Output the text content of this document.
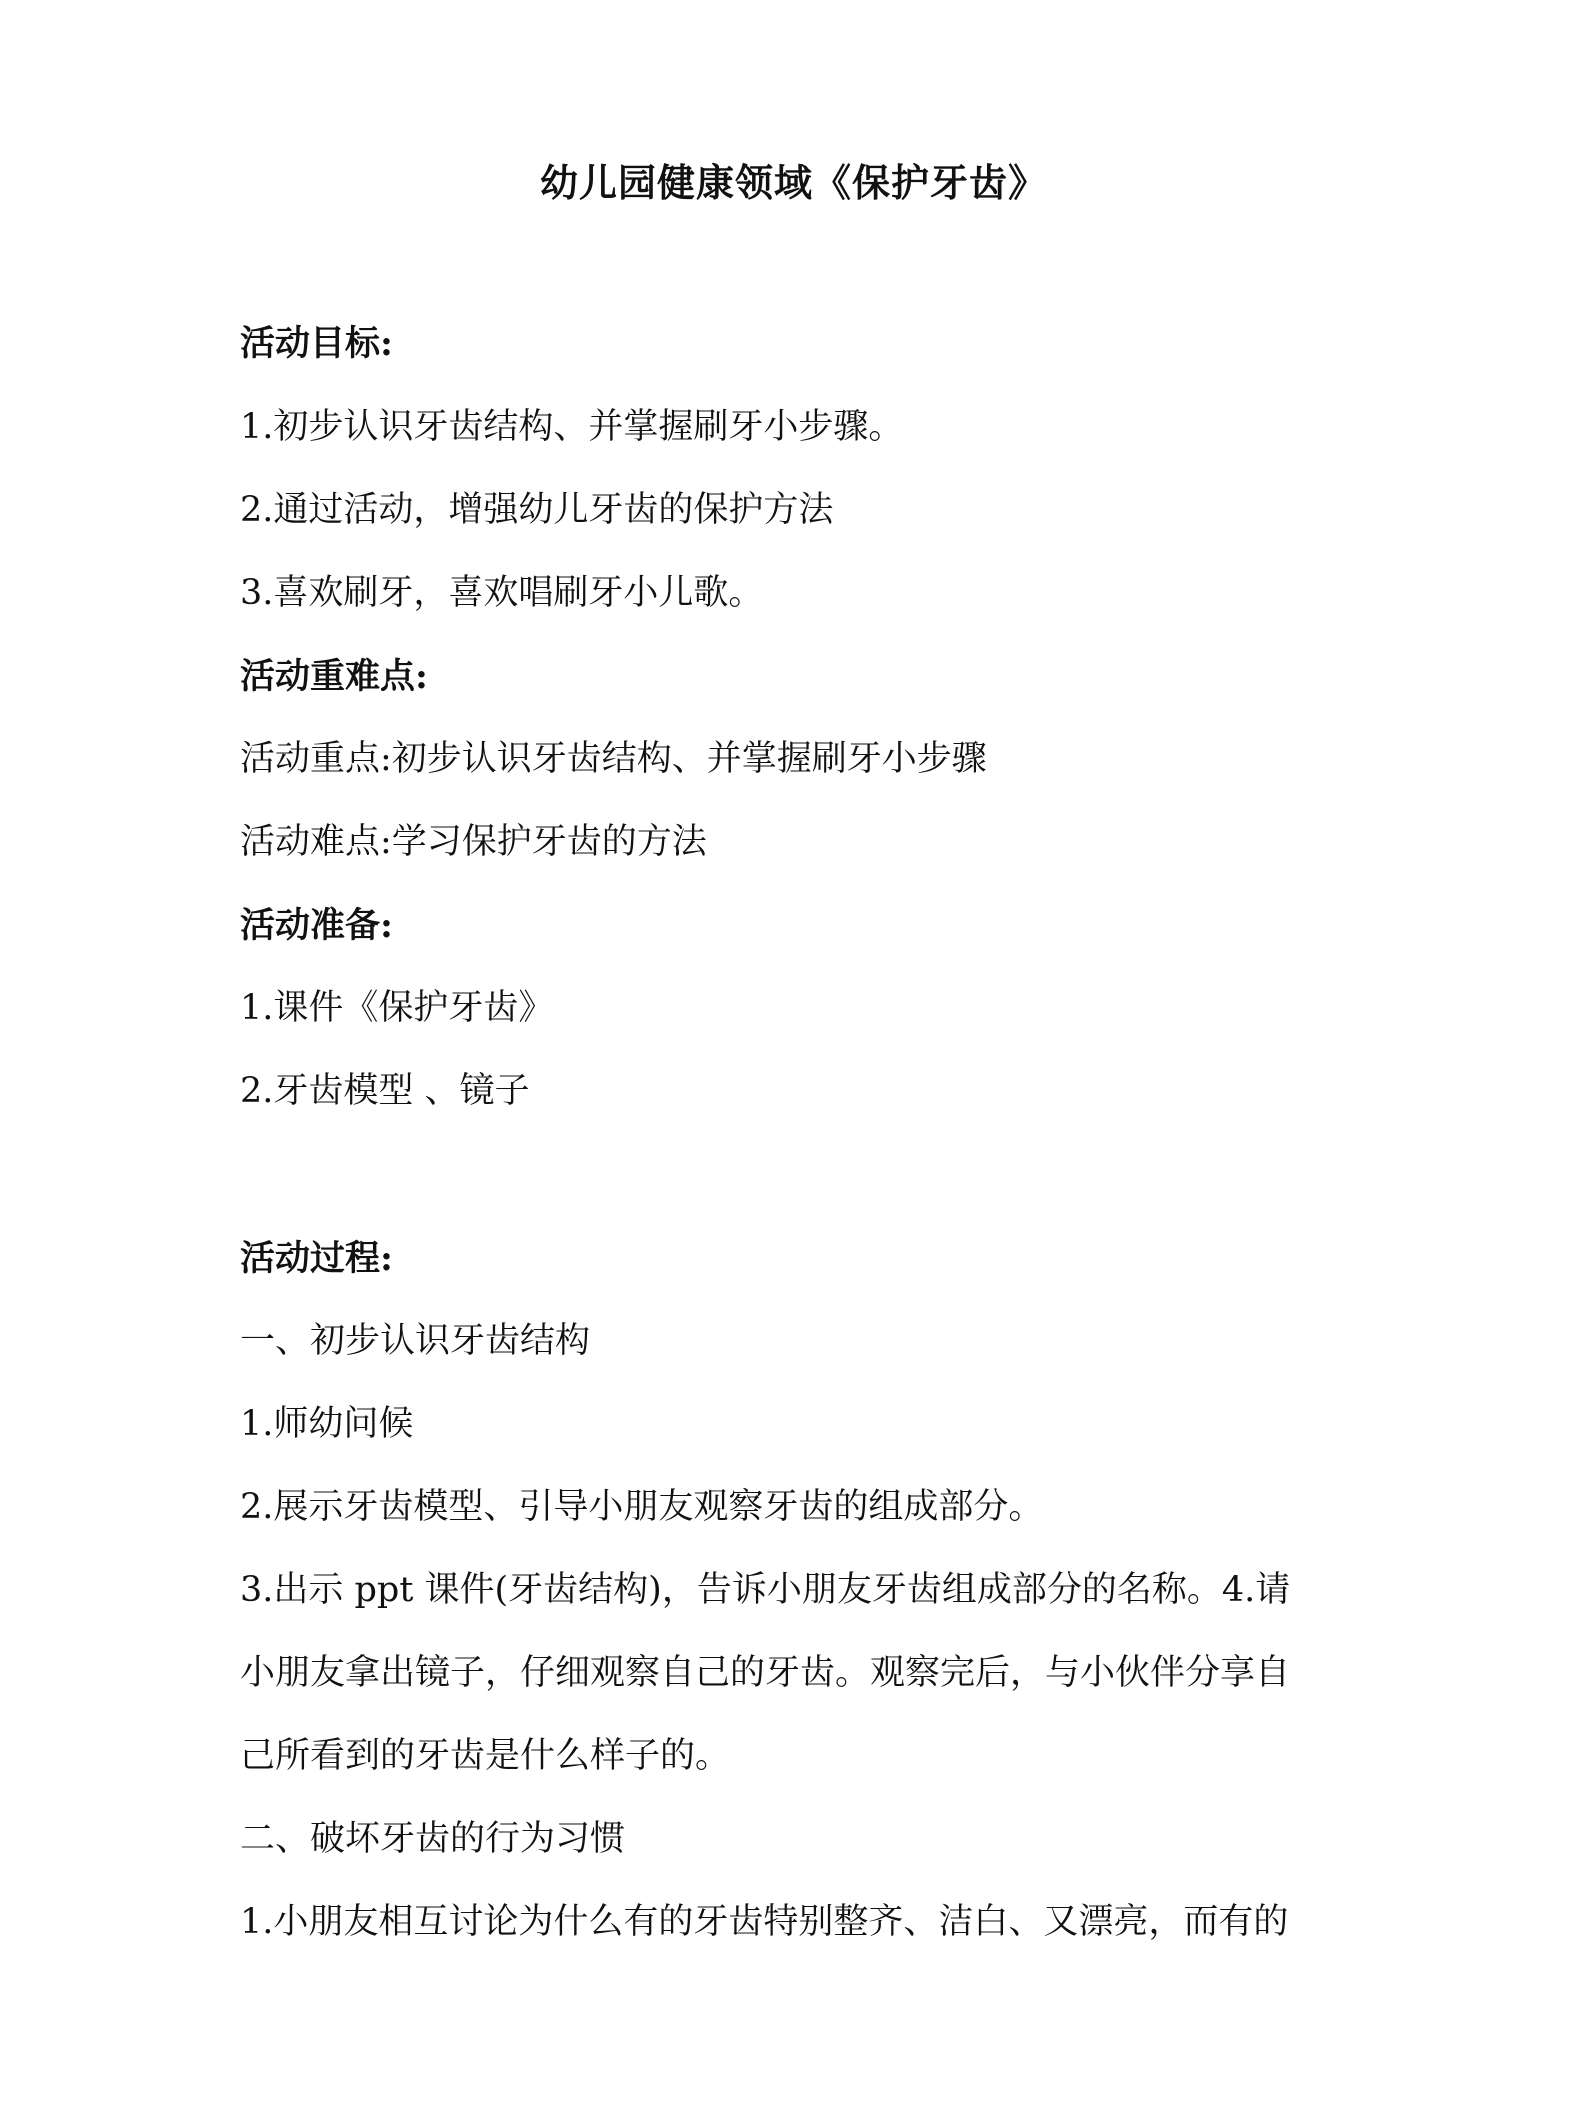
幼儿园健康领域《保护牙齿》
活动目标:
1.初步认识牙齿结构、并掌握刷牙小步骤。
2.通过活动，增强幼儿牙齿的保护方法
3.喜欢刷牙，喜欢唱刷牙小儿歌。
活动重难点:
活动重点:初步认识牙齿结构、并掌握刷牙小步骤
活动难点:学习保护牙齿的方法
活动准备:
1.课件《保护牙齿》
2.牙齿模型 、镜子
活动过程:
一、初步认识牙齿结构
1.师幼问候
2.展示牙齿模型、引导小朋友观察牙齿的组成部分。
3.出示 ppt 课件(牙齿结构)，告诉小朋友牙齿组成部分的名称。4.请
小朋友拿出镜子，仔细观察自己的牙齿。观察完后，与小伙伴分享自
己所看到的牙齿是什么样子的。
二、破坏牙齿的行为习惯
1.小朋友相互讨论为什么有的牙齿特别整齐、洁白、又漂亮，而有的
